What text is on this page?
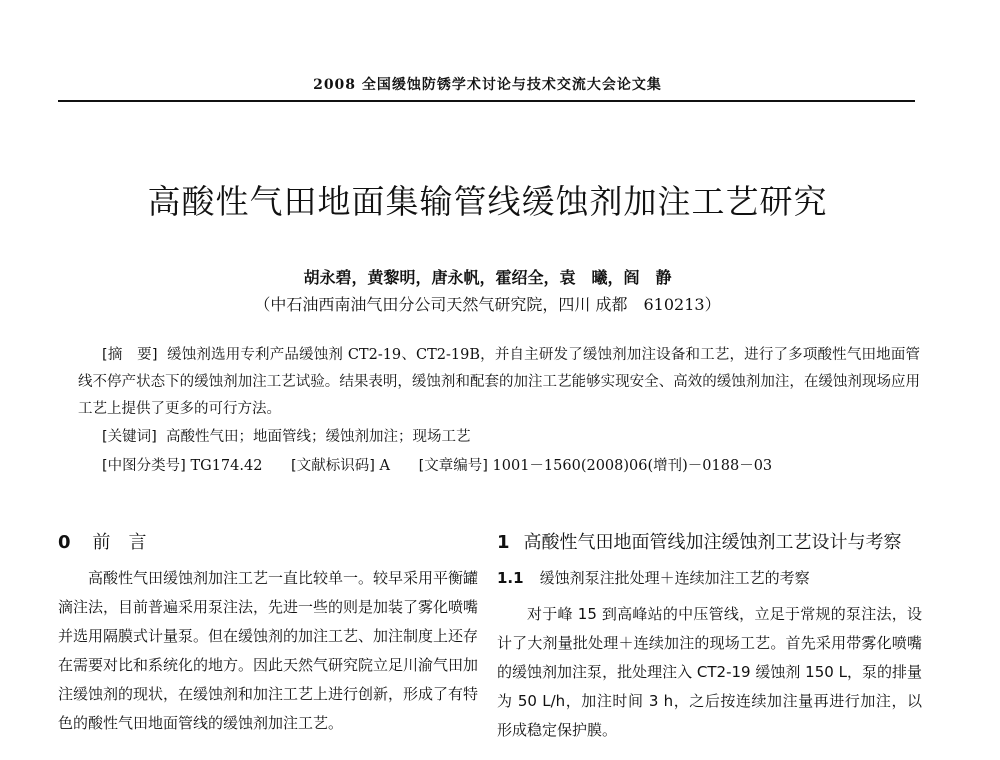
2008 全国缓蚀防锈学术讨论与技术交流大会论文集
高酸性气田地面集输管线缓蚀剂加注工艺研究
胡永碧，黄黎明，唐永帆，霍绍全，袁　曦，阎　静
（中石油西南油气田分公司天然气研究院，四川 成都　610213）

[摘　要] 缓蚀剂选用专利产品缓蚀剂 CT2-19、CT2-19B，并自主研发了缓蚀剂加注设备和工艺，进行了多项酸性气田地面管线不停产状态下的缓蚀剂加注工艺试验。结果表明，缓蚀剂和配套的加注工艺能够实现安全、高效的缓蚀剂加注，在缓蚀剂现场应用工艺上提供了更多的可行方法。

[关键词] 高酸性气田；地面管线；缓蚀剂加注；现场工艺

[中图分类号] TG174.42 [文献标识码] A [文章编号] 1001－1560(2008)06(增刊)－0188－03

0 前　言

高酸性气田缓蚀剂加注工艺一直比较单一。较早采用平衡罐滴注法，目前普遍采用泵注法，先进一些的则是加装了雾化喷嘴并选用隔膜式计量泵。但在缓蚀剂的加注工艺、加注制度上还存在需要对比和系统化的地方。因此天然气研究院立足川渝气田加注缓蚀剂的现状，在缓蚀剂和加注工艺上进行创新，形成了有特色的酸性气田地面管线的缓蚀剂加注工艺。

1 高酸性气田地面管线加注缓蚀剂工艺设计与考察
1.1 缓蚀剂泵注批处理＋连续加注工艺的考察

对于峰 15 到高峰站的中压管线，立足于常规的泵注法，设计了大剂量批处理＋连续加注的现场工艺。首先采用带雾化喷嘴的缓蚀剂加注泵，批处理注入 CT2-19 缓蚀剂 150 L，泵的排量为 50 L/h，加注时间 3 h，之后按连续加注量再进行加注，以形成稳定保护膜。
